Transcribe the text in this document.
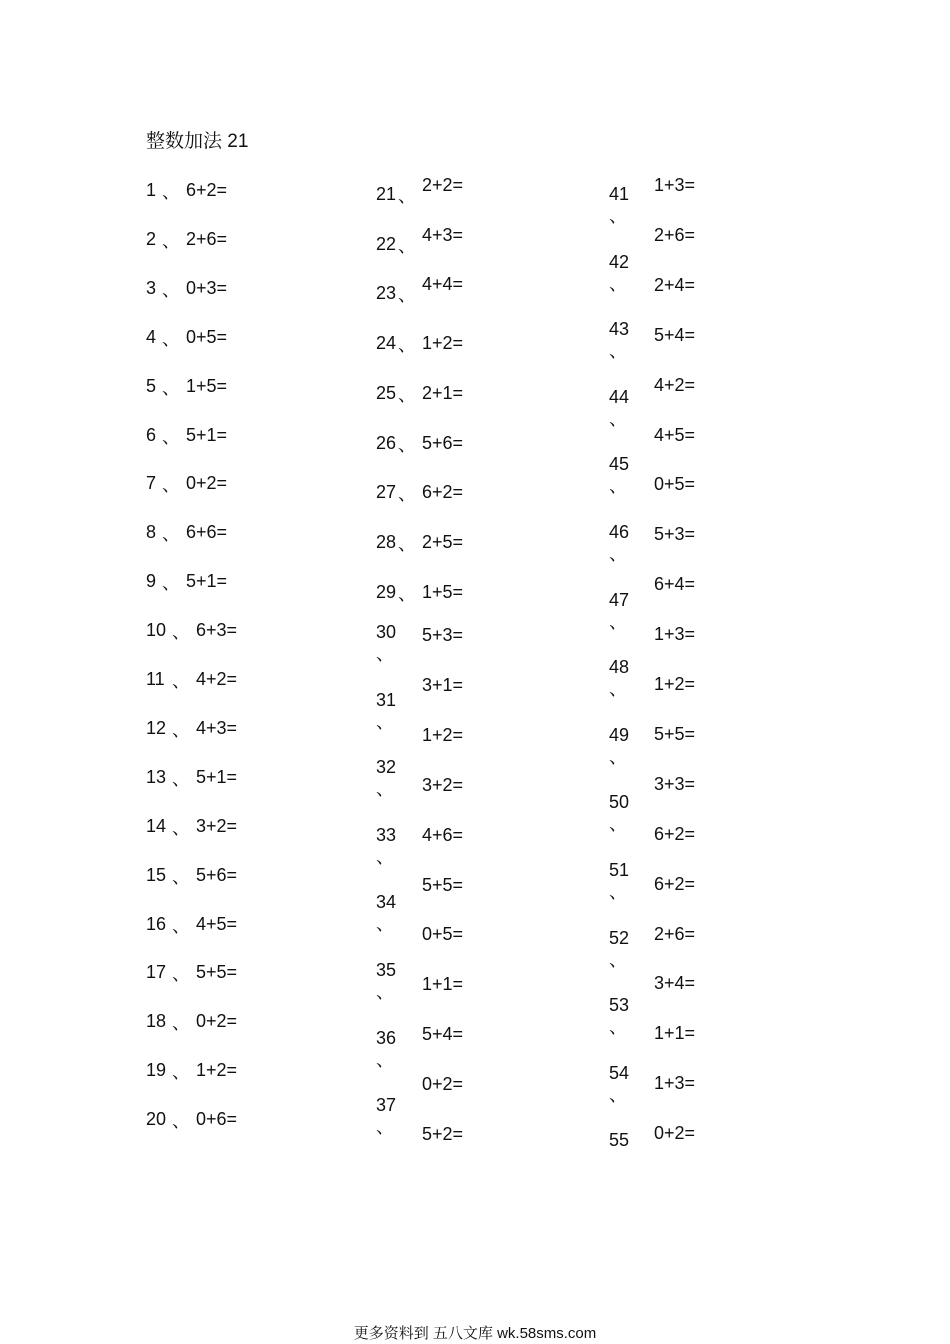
整数加法 21
1 、 6+2=
2 、 2+6=
3 、 0+3=
4 、 0+5=
5 、 1+5=
6 、 5+1=
7 、 0+2=
8 、 6+6=
9 、 5+1=
10 、 6+3=
11 、 4+2=
12 、 4+3=
13 、 5+1=
14 、 3+2=
15 、 5+6=
16 、 4+5=
17 、 5+5=
18 、 0+2=
19 、 1+2=
20 、 0+6=
21 、
2+2=
22 、
4+3=
23 、
4+4=
24 、 1+2=
25 、 2+1=
26 、 5+6=
27 、 6+2=
28 、 2+5=
29 、 1+5=
30
、
31
、
32
、
33
、
34
、
35
、
36
、
37
、
5+3=
3+1=
1+2=
3+2=
4+6=
5+5=
0+5=
1+1=
5+4=
0+2=
5+2=
41
、
42
、
43
、
44
、
45
、
46
、
47
、
48
、
49
、
50
、
51
、
52
、
53
、
54
、
55
1+3=
2+6=
2+4=
5+4=
4+2=
4+5=
0+5=
5+3=
6+4=
1+3=
1+2=
5+5=
3+3=
6+2=
6+2=
2+6=
3+4=
1+1=
1+3=
0+2=
更多资料到 五八文库 wk.58sms.com
